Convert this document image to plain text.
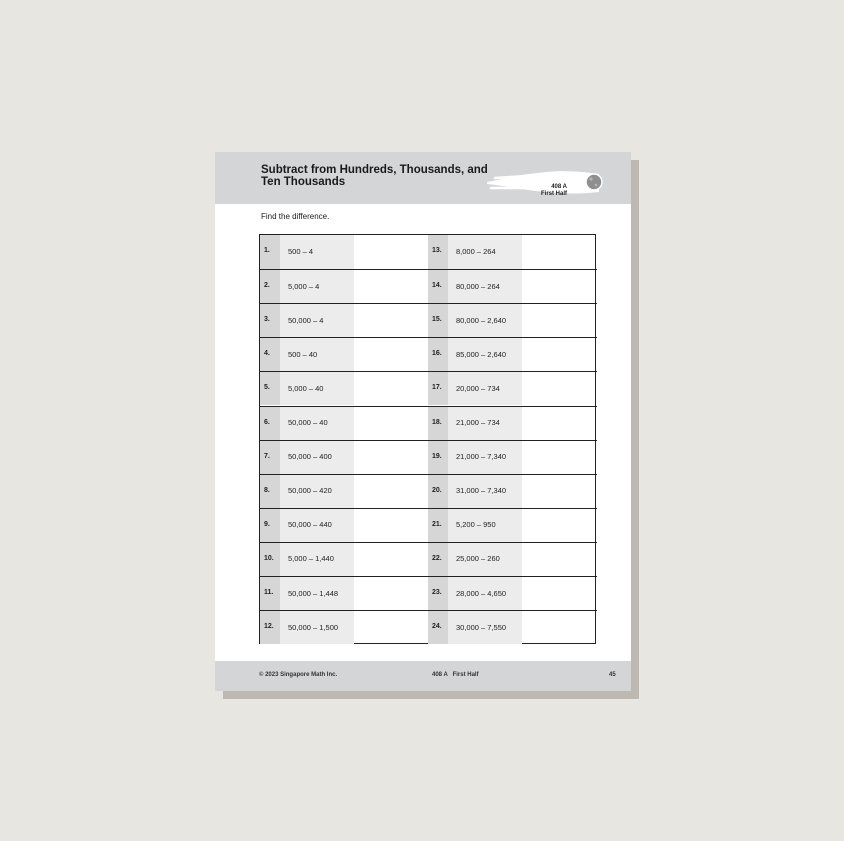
Subtract from Hundreds, Thousands, and
Ten Thousands	408 A
First Half
Find the difference.
1. 500 – 4
2. 5,000 – 4
3. 50,000 – 4
4. 500 – 40
5. 5,000 – 40
6. 50,000 – 40
7. 50,000 – 400
8. 50,000 – 420
9. 50,000 – 440
10. 5,000 – 1,440
11. 50,000 – 1,448
12. 50,000 – 1,500
13. 8,000 – 264
14. 80,000 – 264
15. 80,000 – 2,640
16. 85,000 – 2,640
17. 20,000 – 734
18. 21,000 – 734
19. 21,000 – 7,340
20. 31,000 – 7,340
21. 5,200 – 950
22. 25,000 – 260
23. 28,000 – 4,650
24. 30,000 – 7,550
© 2023 Singapore Math Inc.	408 A   First Half	45
